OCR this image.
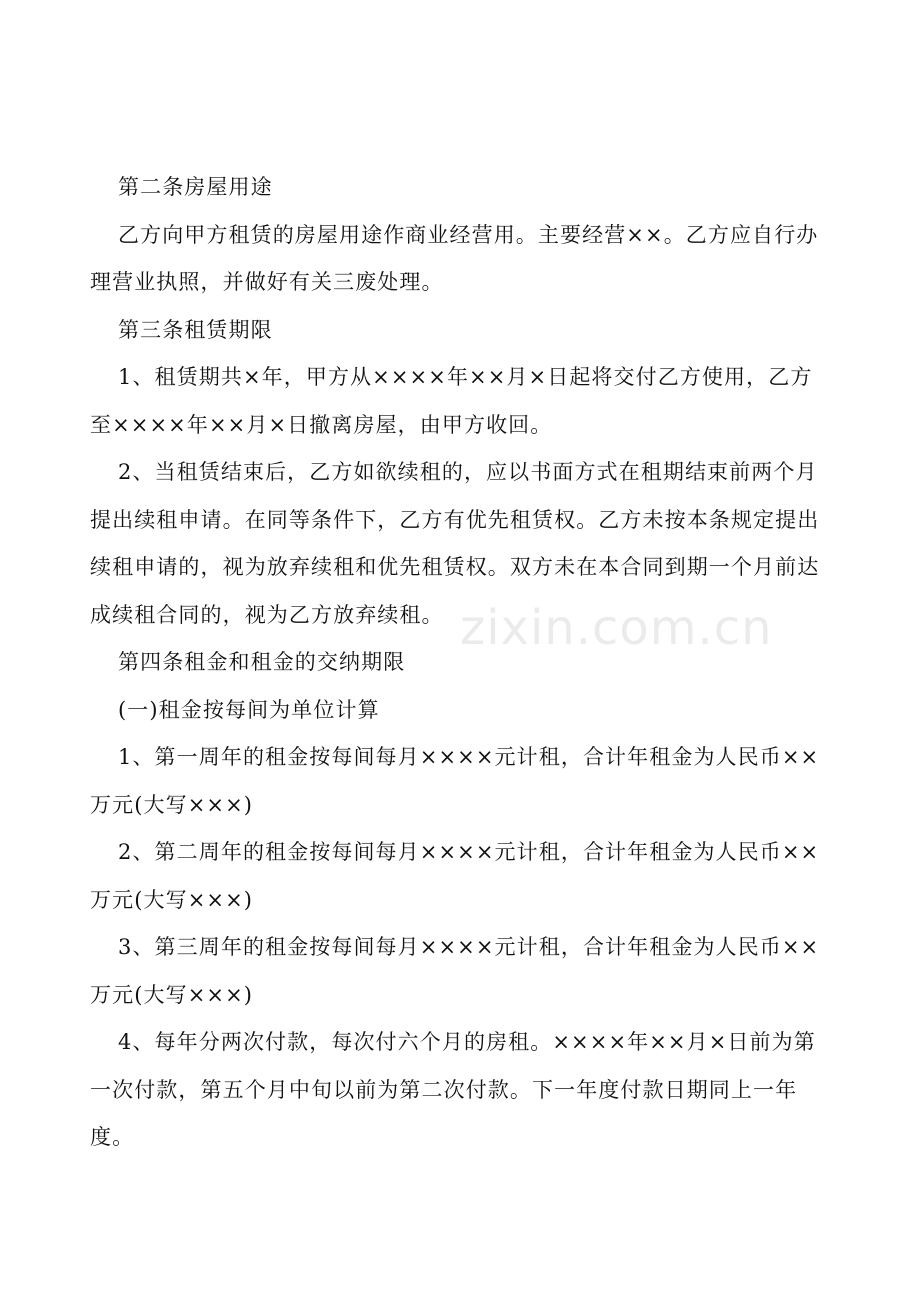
第二条房屋用途

乙方向甲方租赁的房屋用途作商业经营用。主要经营××。乙方应自行办理营业执照，并做好有关三废处理。

第三条租赁期限

1、租赁期共×年，甲方从××××年××月×日起将交付乙方使用，乙方至××××年××月×日撤离房屋，由甲方收回。

2、当租赁结束后，乙方如欲续租的，应以书面方式在租期结束前两个月提出续租申请。在同等条件下，乙方有优先租赁权。乙方未按本条规定提出续租申请的，视为放弃续租和优先租赁权。双方未在本合同到期一个月前达成续租合同的，视为乙方放弃续租。

第四条租金和租金的交纳期限

(一)租金按每间为单位计算

1、第一周年的租金按每间每月××××元计租，合计年租金为人民币××万元(大写×××)

2、第二周年的租金按每间每月××××元计租，合计年租金为人民币××万元(大写×××)

3、第三周年的租金按每间每月××××元计租，合计年租金为人民币××万元(大写×××)

4、每年分两次付款，每次付六个月的房租。××××年××月×日前为第一次付款，第五个月中旬以前为第二次付款。下一年度付款日期同上一年度。

zixin.com.cn
